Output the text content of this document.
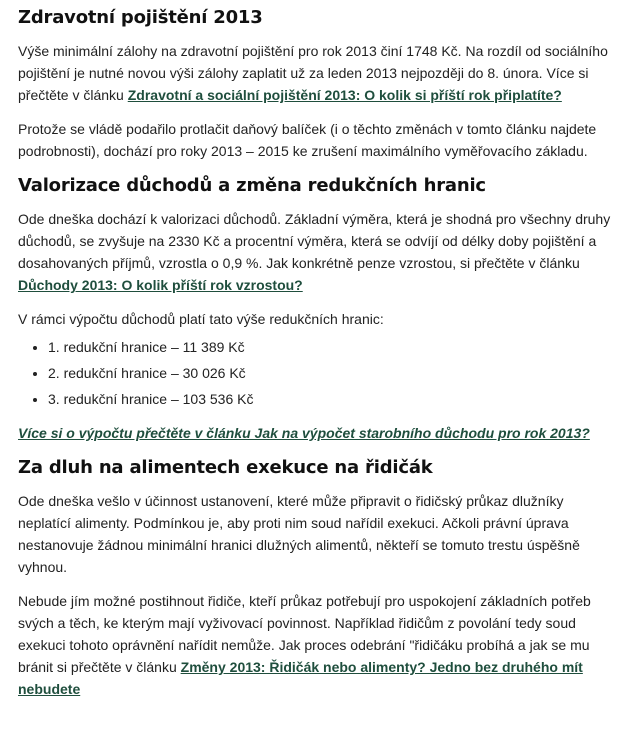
Zdravotní pojištění 2013

Výše minimální zálohy na zdravotní pojištění pro rok 2013 činí 1748 Kč. Na rozdíl od sociálního pojištění je nutné novou výši zálohy zaplatit už za leden 2013 nejpozději do 8. února. Více si přečtěte v článku Zdravotní a sociální pojištění 2013: O kolik si příští rok připlatíte?

Protože se vládě podařilo protlačit daňový balíček (i o těchto změnách v tomto článku najdete podrobnosti), dochází pro roky 2013 – 2015 ke zrušení maximálního vyměřovacího základu.

Valorizace důchodů a změna redukčních hranic

Ode dneška dochází k valorizaci důchodů. Základní výměra, která je shodná pro všechny druhy důchodů, se zvyšuje na 2330 Kč a procentní výměra, která se odvíjí od délky doby pojištění a dosahovaných příjmů, vzrostla o 0,9 %. Jak konkrétně penze vzrostou, si přečtěte v článku Důchody 2013: O kolik příští rok vzrostou?

V rámci výpočtu důchodů platí tato výše redukčních hranic:

• 1. redukční hranice – 11 389 Kč
• 2. redukční hranice – 30 026 Kč
• 3. redukční hranice – 103 536 Kč

Více si o výpočtu přečtěte v článku Jak na výpočet starobního důchodu pro rok 2013?

Za dluh na alimentech exekuce na řidičák

Ode dneška vešlo v účinnost ustanovení, které může připravit o řidičský průkaz dlužníky neplatící alimenty. Podmínkou je, aby proti nim soud nařídil exekuci. Ačkoli právní úprava nestanovuje žádnou minimální hranici dlužných alimentů, někteří se tomuto trestu úspěšně vyhnou.

Nebude jím možné postihnout řidiče, kteří průkaz potřebují pro uspokojení základních potřeb svých a těch, ke kterým mají vyživovací povinnost. Například řidičům z povolání tedy soud exekuci tohoto oprávnění nařídit nemůže. Jak proces odebrání "řidičáku probíhá a jak se mu bránit si přečtěte v článku Změny 2013: Řidičák nebo alimenty? Jedno bez druhého mít nebudete
